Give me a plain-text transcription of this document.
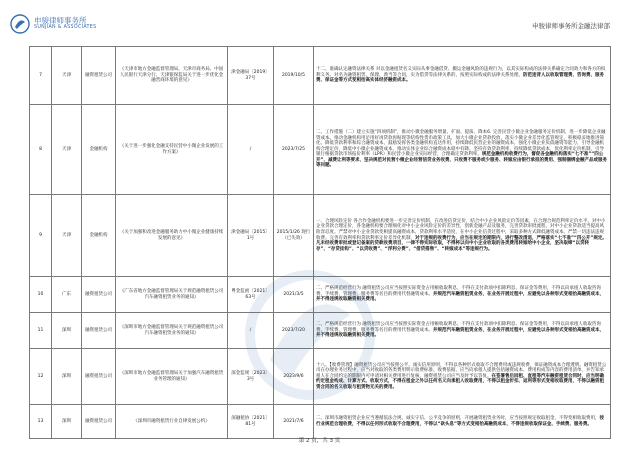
申骏律师事务所
SUNJIAN & ASSOCIATES	申骏律师事务所金融法律部
7	天津	融资租赁公司	《天津市地方金融监督管理局、天津市商务局、中国人民银行天津分行、天津银保监局关于进一步优化金融营商环境的意见》	津金融局〔2019〕37号	2019/10/5	十二、准确认定融资法律关系 对以金融租赁名义实际从事金融借贷、搬运金融风险的违规行为，以其实际构成的法律关系确定合同效力和各方的权利义务。对名为融资租赁、保理、典当等合同，实为借贷等法律关系的，按照实际构成的法律关系处理，防范违背人以收取管理费、咨询费、服务费、保证金等方式变相抬高实体经济融资成本。
8	天津	金融机构	《关于进一步强化金融支持民营中小微企业发展的工作方案》	/	2023/7/25	二、工作措施（二）建立实施“四项机制”，推动小微金融服务增量、扩面、提质、降本6. 完善民营小微企业金融服务定价机制，进一步降低企业融资成本。推动金融机构用足用好再贷款再贴现等结构性货币政策工具，加大小微企业贷款投放，落实小微企业差异化监管规定，积极稳妥地推进简化、降低贷款利率和综合融资成本，鼓励发挥各类金融机构直达作用，持续降低民营企业的融资成本，强化小微企业负债融资等能力，引导金融机构合理定价，降低中小微企业融资成本，推动实体企业综合融资成本稳中有降。坚持有效贷款利率，持续降低贷款成本，优化利率定价机制，引导银行根据贷款市场报价利率（LPR）和民营小微企业实际经营，合理确定贷款利率。规范金融机构收费行为，督促各金融机构落实“七不准”“四公开”、减费让利等要求，坚决规范对民营小微企业经营信贷业务收费、只收费不服务或少服务、转嫁应由银行承担的费用、强制捆绑金融产品或服务等问题。
9	天津	金融机构	《关于加强和改进金融服务助力中小微企业健康持续发展的意见》	津金融局〔2015〕1号	2015/1/26 现行（已失效）	一、合理风险定价 各合作金融机构要进一步完善定价机制，在改进信贷定价，结合中小企业风险定价等因素，在合理合规范利率定价水平。对中小企业贷款合理定价，各金融机构要合理细化对中小企业风险定价的差异性，创新金融产品及服务，完善贷款审批流程，对中小企业贷款适当提高风险容忍度。严禁对中小企业贷款变相提高融资成本，贷款利率水平适度，在中小企业信贷过程中，采取多种方式降低融资成本，严禁一切违法违规收费。完善有效利率和贷款利率定价差异化机制，对于违规的收费行为，应当在规定的期限内，进行整改清退，严格落实“七不准”“四公开”规定。凡未经收费审批或登记备案的贷款收费项目，一律不得实际收取，不得将以向中小企业收取的各类费用转嫁给中小企业，坚决取缔“以贷转存”、“存贷挂钩”、“以贷收费”、“浮利分费”、“借贷搭售”、“转嫁成本”等违规行为。
10	广东	融资租赁公司	《广东省地方金融监督管理局关于规范融资租赁公司汽车融资租赁业务的通知》	粤金监函〔2021〕63号	2021/3/5	二、严格规范经营行为 融资租赁公司应当按照实际资金占用额收取利息，不得在支付款项中扣除利息、保证金等费用，不得以向承租人收取咨询费、手续费、管理费、服务费等名目的费用代替融资成本。并规范汽车融资租赁业务，在业务开展过程中，应避免以各种形式变相抬高融资成本，并不得违规收取融资相关费用。
11	深圳	融资租赁公司	《深圳市地方金融监督管理局关于规范融资租赁公司汽车融资租赁业务的通知》	/	2023/7/20	二、严格规范经营行为 融资租赁公司应当按照实际资金占用额收取利息，不得在支付款项中扣除利息、保证金等费用，不得以向承租人收取咨询费、手续费、管理费、服务费等名目的费用代替融资成本。并规范汽车融资租赁业务，在业务开展过程中，应避免以各种形式变相抬高融资成本，并不得违规收取融资相关费用。
12	深圳	融资租赁公司	《深圳市地方金融监督管理局关于加强汽车融资租赁业务管理的通知》	深金监规〔2023〕3号	2023/9/6	十八、【收费管理】融资租赁公司应当按照公平、诚实信用原则，不得以各种形式收取不合理费用或违规收费，保证融资成本合理透明。融资租赁公司在办理业务过程中，应当对收取的各类费用明示收费标准、收费依据，应当向承租人提供包括融资成本、费用构成等内容的费用清单，并告知承租人在合同约定的期限内可申请对相关费用进行复核，融资租赁公司应当及时予以答复。在签署售后回租、直租等汽车融资租赁合同时，应当明确约定租金构成、计算方式、收取方式，不得在租金之外以任何名义向承租人收取费用，不得以租金折扣、返利等形式变相收取费用，不得以融资租赁合同的名义收取与租赁物无关的费用。
13	深圳	融资租赁公司	《深圳市融资租赁行业自律发展公约》	深融租协〔2021〕81号	2021/7/6	二、深圳市融资租赁企业应当遵循依法合规、诚实守信、公平竞争的原则，开展融资租赁业务时，应当按照规定收取租金，不得变相收取费用，按行业规范合理收费，不得以任何形式收取不合理费用，不得以“砍头息”等方式变相抬高融资成本，不得违规收取保证金、手续费、服务费。
第 2 页，共 3 页
